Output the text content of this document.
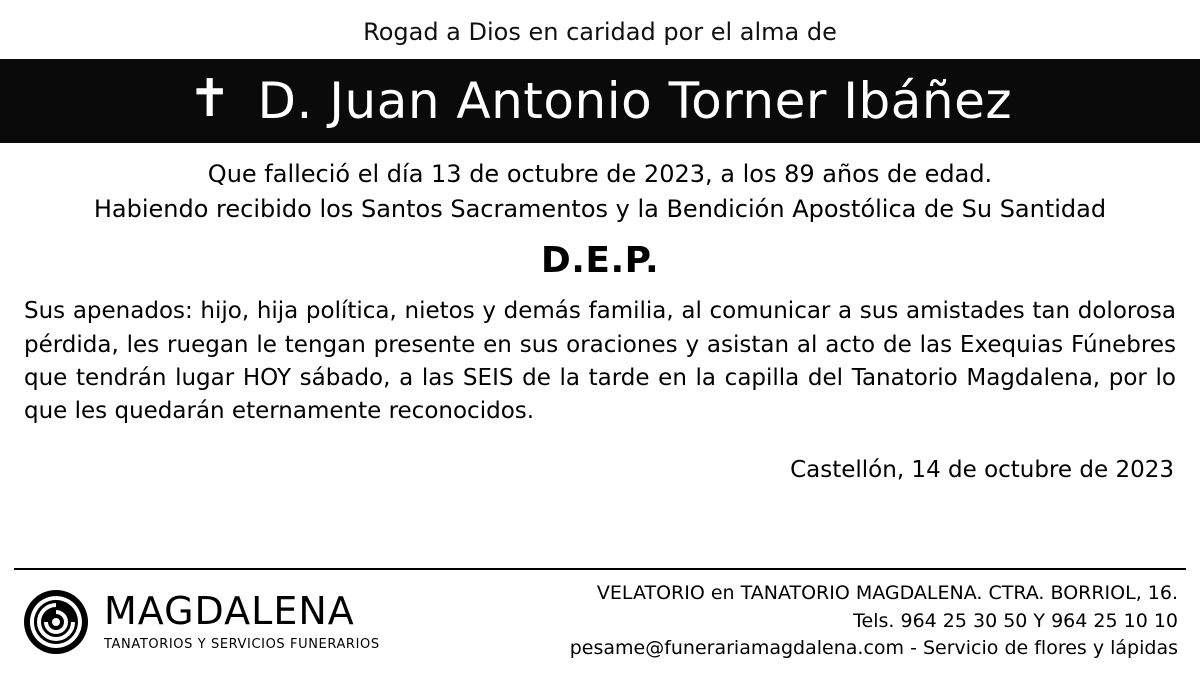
Rogad a Dios en caridad por el alma de
✝ D. Juan Antonio Torner Ibáñez
Que falleció el día 13 de octubre de 2023, a los 89 años de edad.
Habiendo recibido los Santos Sacramentos y la Bendición Apostólica de Su Santidad
D.E.P.
Sus apenados: hijo, hija política, nietos y demás familia, al comunicar a sus amistades tan dolorosa pérdida, les ruegan le tengan presente en sus oraciones y asistan al acto de las Exequias Fúnebres que tendrán lugar HOY sábado, a las SEIS de la tarde en la capilla del Tanatorio Magdalena, por lo que les quedarán eternamente reconocidos.
Castellón, 14 de octubre de 2023
MAGDALENA
TANATORIOS Y SERVICIOS FUNERARIOS
VELATORIO en TANATORIO MAGDALENA. CTRA. BORRIOL, 16.
Tels. 964 25 30 50 Y 964 25 10 10
pesame@funerariamagdalena.com - Servicio de flores y lápidas
